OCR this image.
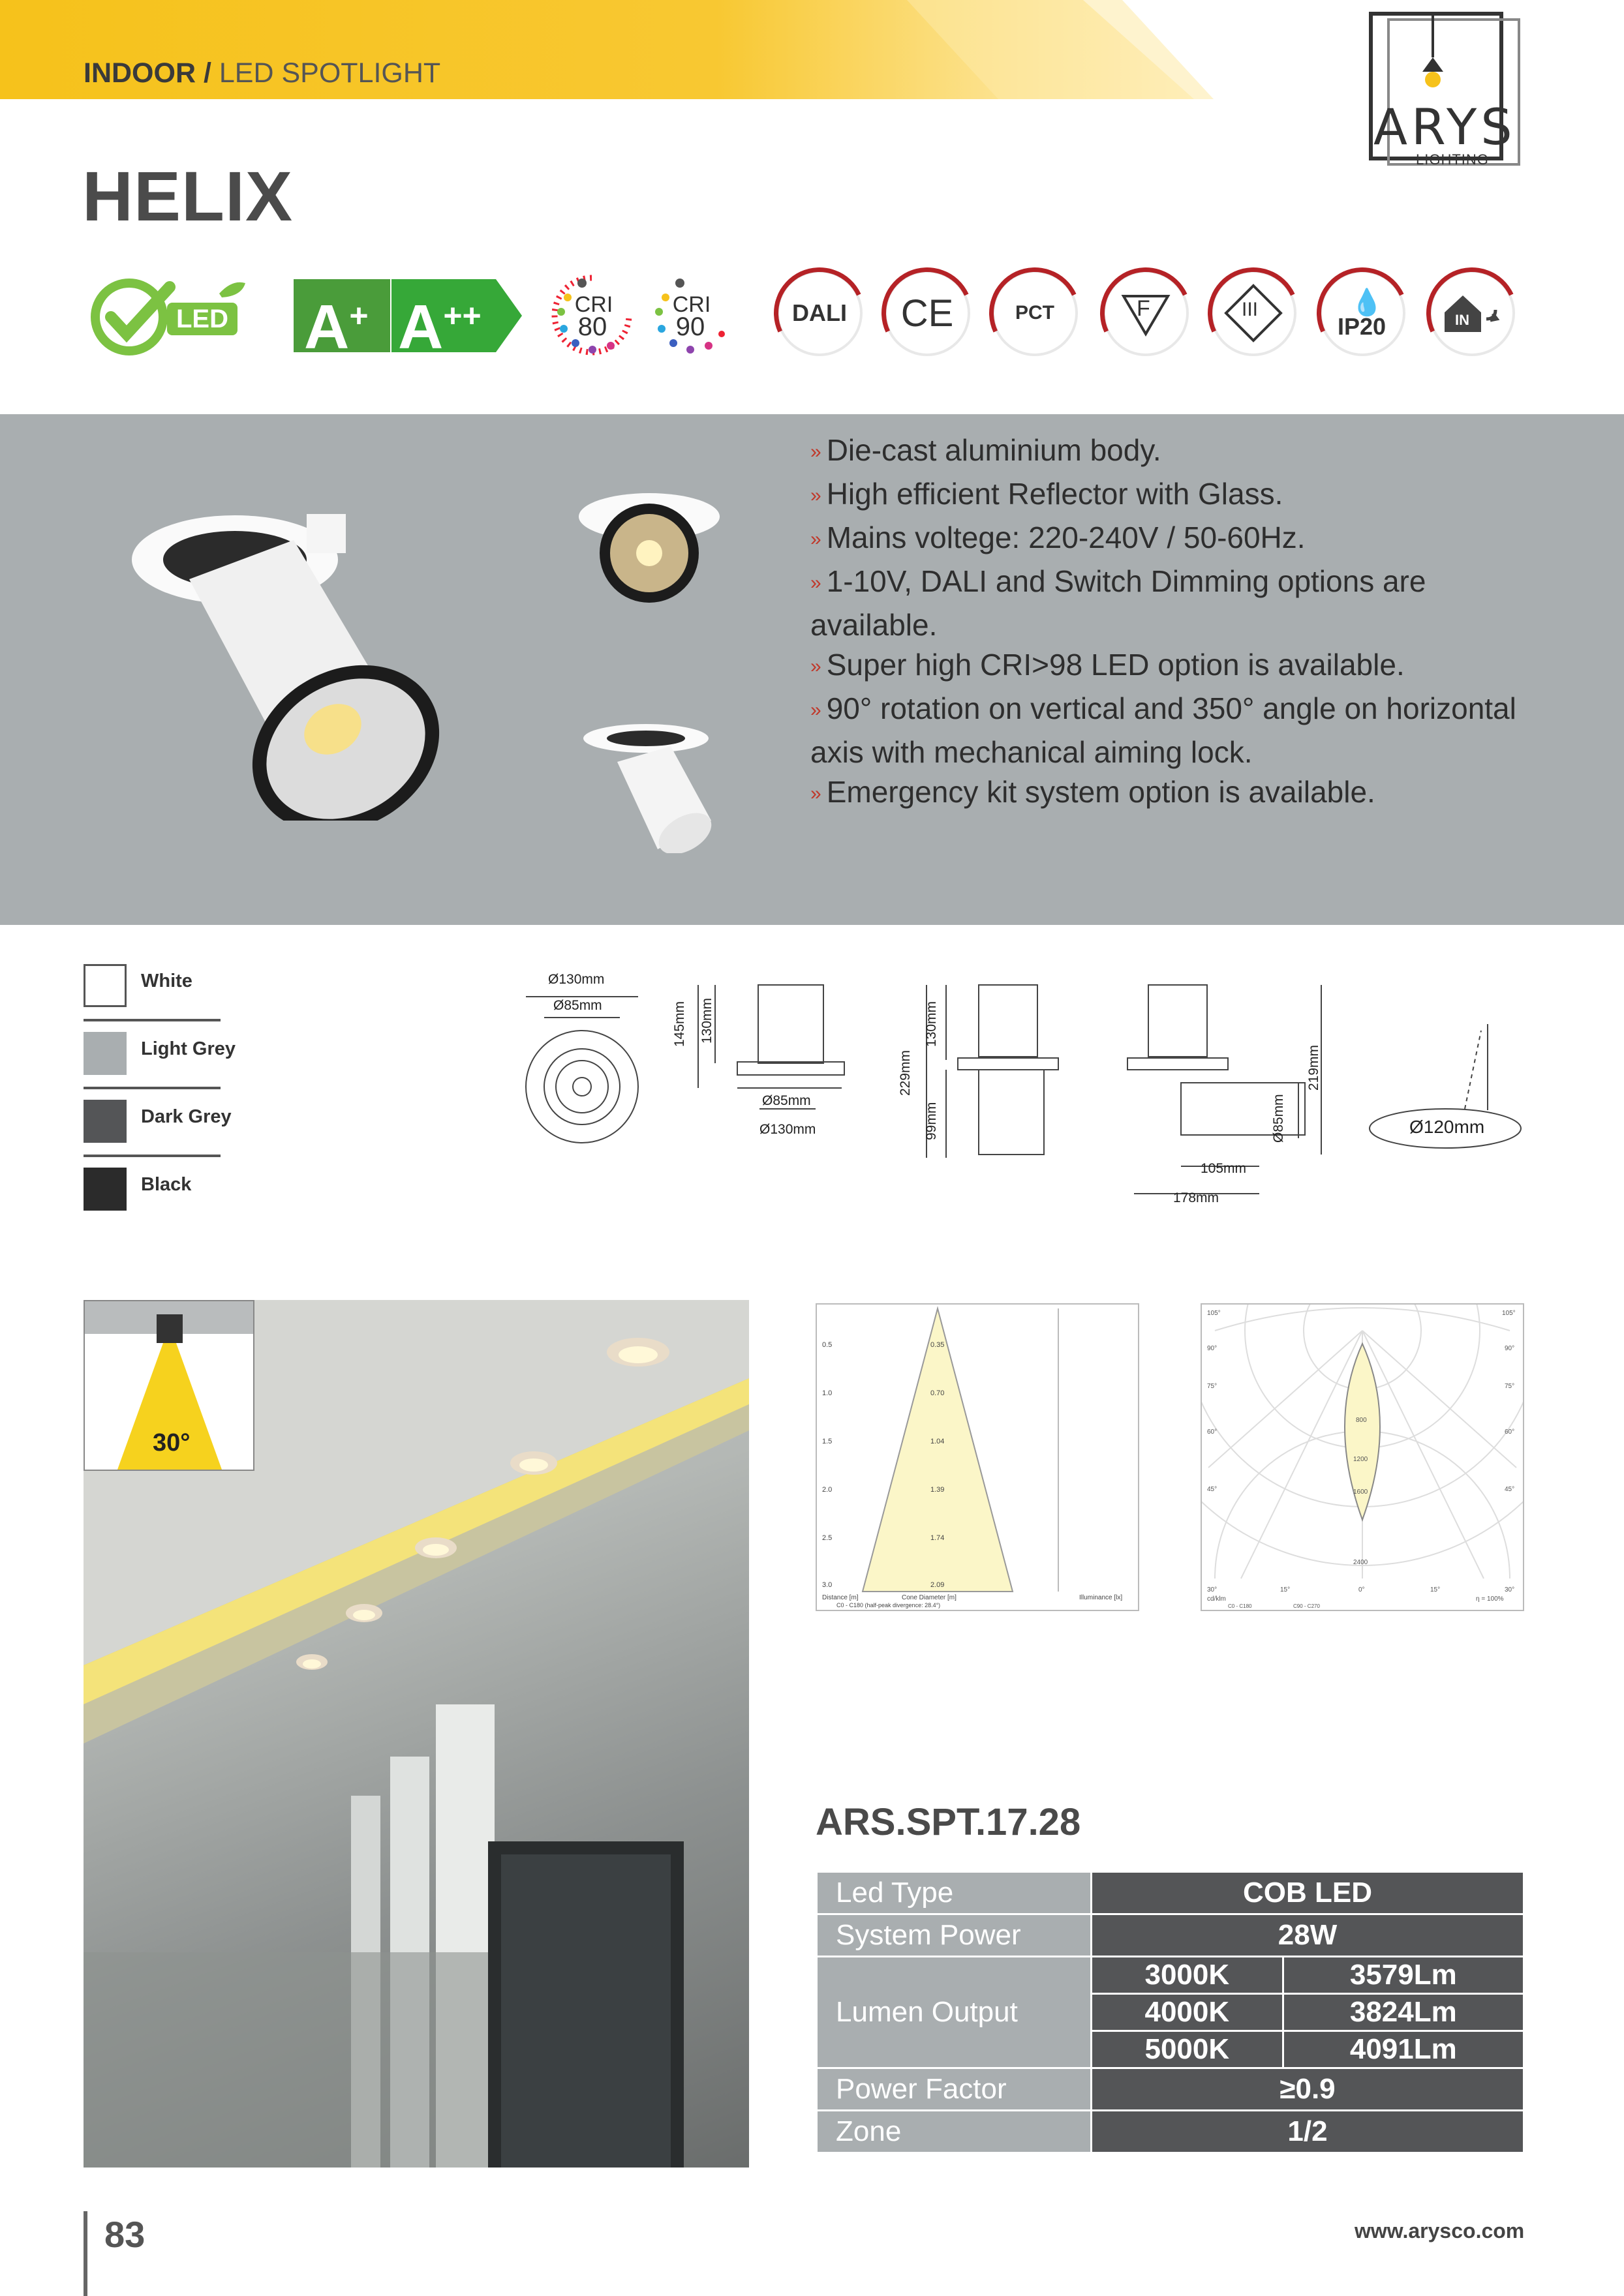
INDOOR / LED SPOTLIGHT
HELIX
ARYS
LIGHTING
LED A+ A++	CRI
80
CRI
90	DALI CE	PCT	F	III	💧
IP20	IN
» Die-cast aluminium body.
» High efficient Reflector with Glass.
» Mains voltege: 220-240V / 50-60Hz.
» 1-10V, DALI and Switch Dimming options are available.
» Super high CRI>98 LED option is available.
» 90° rotation on vertical and 350° angle on horizontal axis with mechanical aiming lock.
» Emergency kit system option is available.
White
Light Grey
Dark Grey
Black
Ø130mm
Ø85mm	145mm 130mm
Ø85mm
Ø130mm
229mm
130mm
99mm
219mm
Ø85mm
105mm
178mm
Ø120mm
30°
0.5	0.35
1.0	0.70
1.5	1.04
2.0	1.39
2.5	1.74
3.0	2.09
Distance [m]	Cone Diameter [m]	Illuminance [lx]
C0 - C180 (half-peak divergence: 28.4°)
105°
90°
75°
60°
45°
30°
105°
90°
75°
60°
45°
30°
800
1200
1600
2400
15°	0°	15°
cd/klm	η = 100%
C0 - C180	C90 - C270
ARS.SPT.17.28
Led Type	COB LED	
System Power	28W	
Lumen Output	3000K	3579Lm
	4000K	3824Lm
	5000K	4091Lm
Power Factor	≥0.9	
Zone	1/2	
83	www.arysco.com
